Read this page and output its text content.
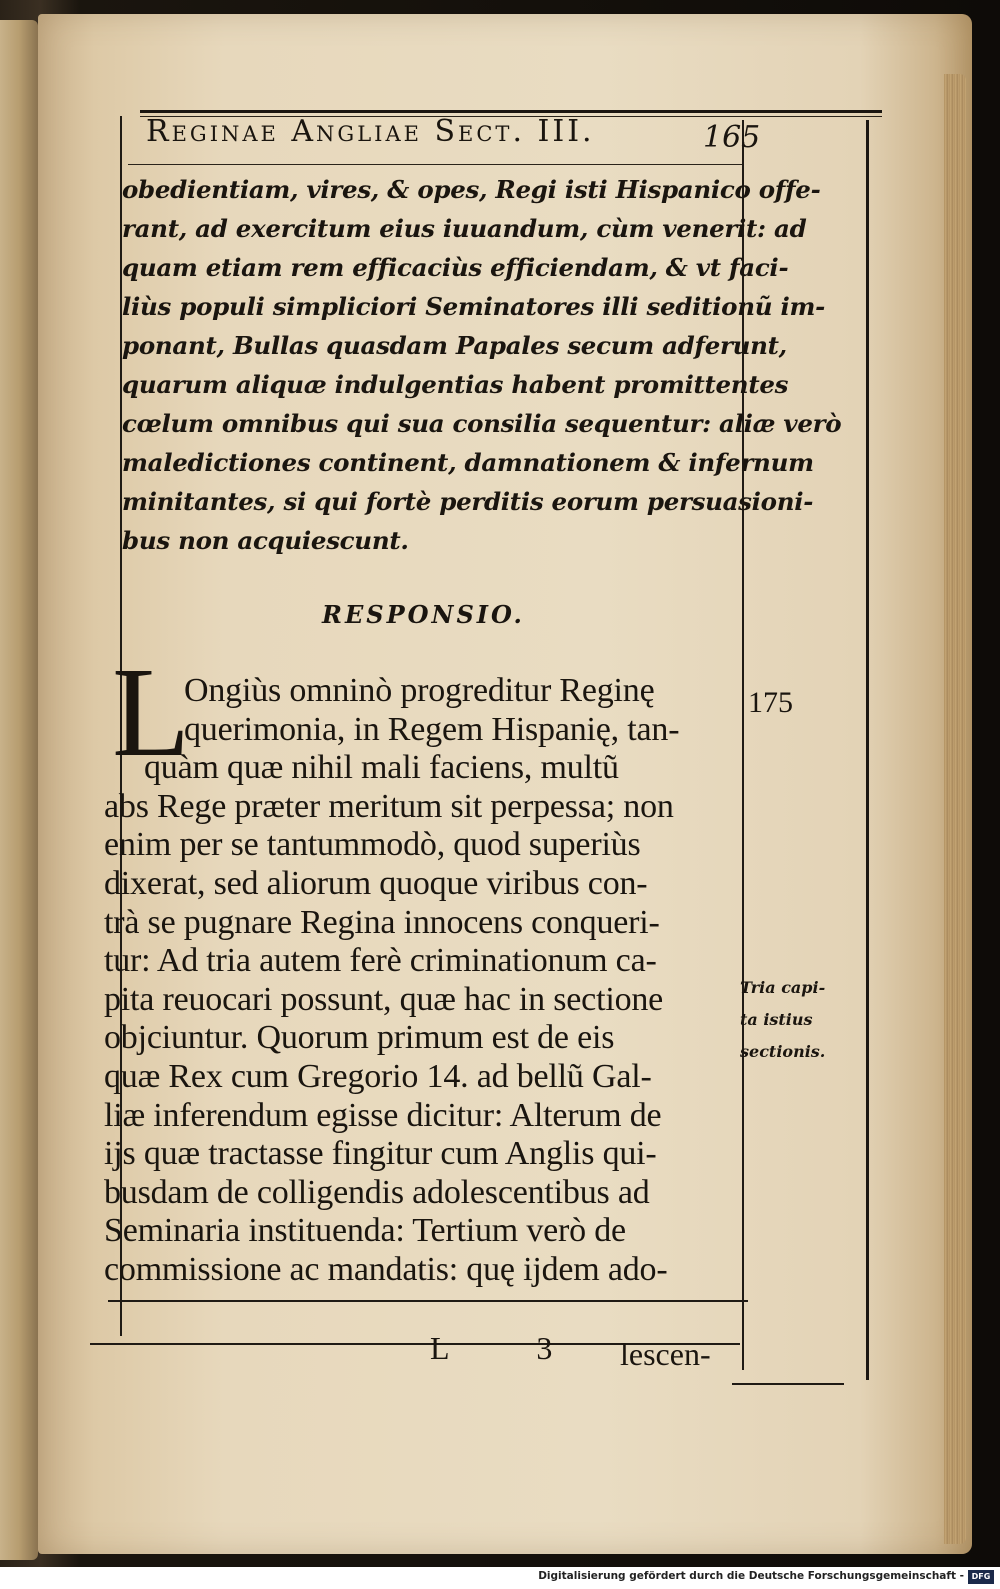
Reginae Angliae Sect. III.	165
obedientiam, vires, & opes, Regi isti Hispanico offe-
rant, ad exercitum eius iuuandum, cùm venerit: ad
quam etiam rem efficaciùs efficiendam, & vt faci-
liùs populi simpliciori Seminatores illi seditionũ im-
ponant, Bullas quasdam Papales secum adferunt,
quarum aliquæ indulgentias habent promittentes
cœlum omnibus qui sua consilia sequentur: aliæ verò
maledictiones continent, damnationem & infernum
minitantes, si qui fortè perditis eorum persuasioni-
bus non acquiescunt.
RESPONSIO.
L
Ongiùs omninò progreditur Reginę
querimonia, in Regem Hispanię, tan-
quàm quæ nihil mali faciens, multũ
abs Rege præter meritum sit perpessa; non
enim per se tantummodò, quod superiùs
dixerat, sed aliorum quoque viribus con-
trà se pugnare Regina innocens conqueri-
tur: Ad tria autem ferè criminationum ca-
pita reuocari possunt, quæ hac in sectione
objciuntur. Quorum primum est de eis
quæ Rex cum Gregorio 14. ad bellũ Gal-
liæ inferendum egisse dicitur: Alterum de
ijs quæ tractasse fingitur cum Anglis qui-
busdam de colligendis adolescentibus ad
Seminaria instituenda: Tertium verò de
commissione ac mandatis: quę ijdem ado-
175
Tria capi-
ta istius
sectionis.
L 3 lescen-
Digitalisierung gefördert durch die Deutsche Forschungsgemeinschaft - DFG
